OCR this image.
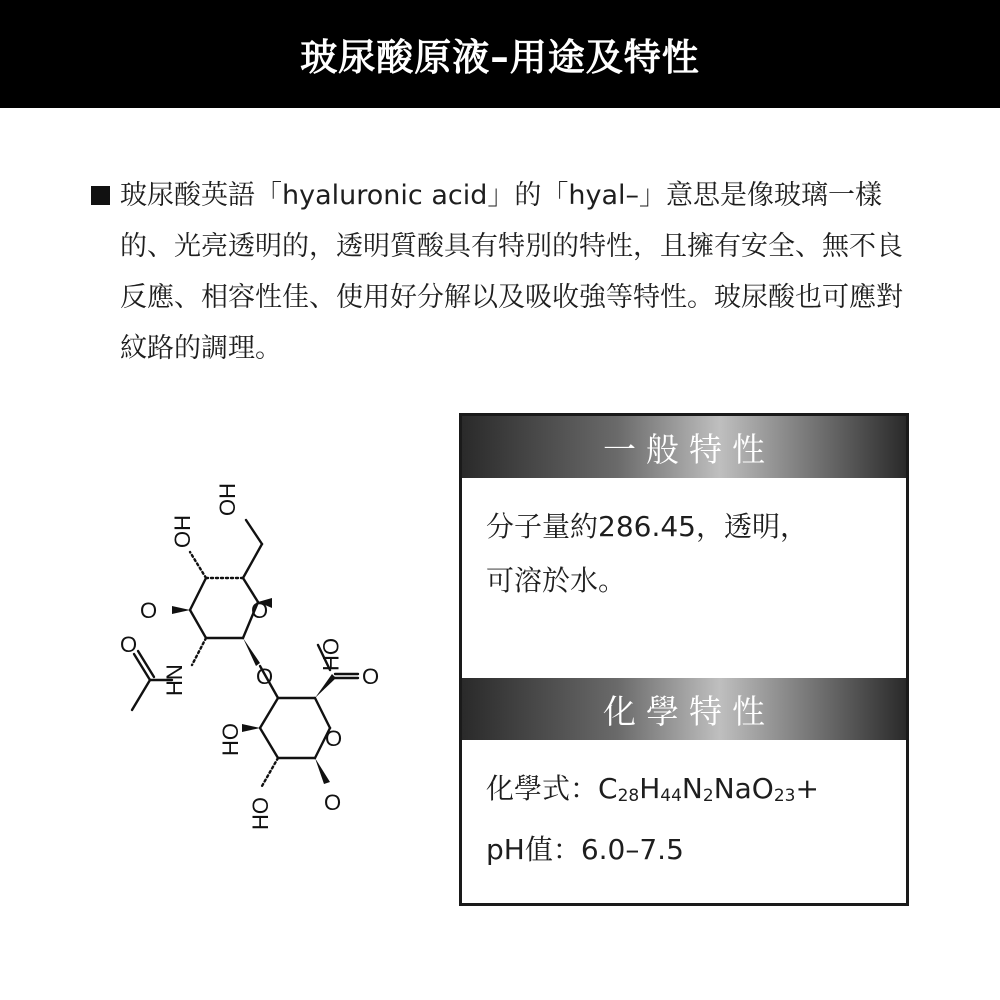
玻尿酸原液–用途及特性

玻尿酸英語「hyaluronic acid」的「hyal–」意思是像玻璃一樣的、光亮透明的，透明質酸具有特別的特性，且擁有安全、無不良反應、相容性佳、使用好分解以及吸收強等特性。玻尿酸也可應對紋路的調理。

OH
OH
O	O
O
HN	O
OH
O
O
HO
HO O
一般特性
分子量約286.45，透明，
可溶於水。
化學特性
化學式：$C_{28}H_{44}N_2NaO_{23}+$
pH值：6.0–7.5
